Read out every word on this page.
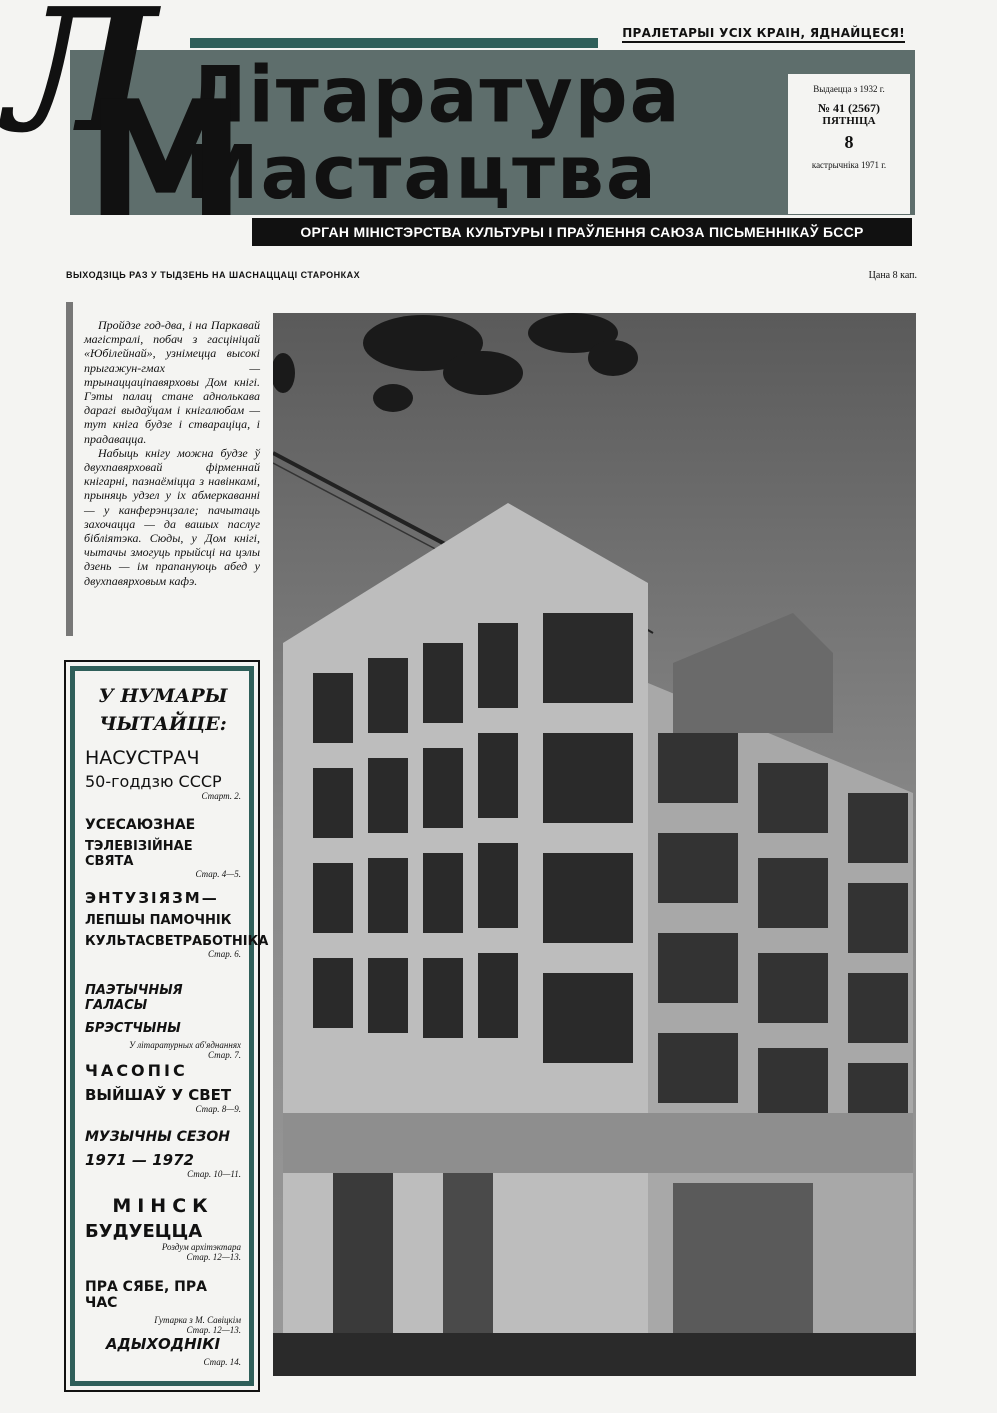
ПРАЛЕТАРЫІ УСІХ КРАІН, ЯДНАЙЦЕСЯ!
Літаратура
Мастацтва
Л
М	Выдаецца з 1932 г.
№ 41 (2567)
ПЯТНІЦА
8
кастрычніка 1971 г.
ОРГАН МІНІСТЭРСТВА КУЛЬТУРЫ І ПРАЎЛЕННЯ САЮЗА ПІСЬМЕННІКАЎ БССР
ВЫХОДЗІЦЬ РАЗ У ТЫДЗЕНЬ НА ШАСНАЦЦАЦІ СТАРОНКАХ	Цана 8 кап.

Пройдзе год-два, і на Паркавай магістралі, побач з гасцініцай «Юбілейнай», узнімецца высокі прыгажун-гмах — трынаццаціпавярховы Дом кнігі. Гэты палац стане аднолькава дарагі выдаўцам і кнігалюбам — тут кніга будзе і ствараціца, і прадавацца.

Набыць кнігу можна будзе ў двухпавярховай фірменнай кнігарні, пазнаёміцца з навінкамі, прыняць удзел у іх абмеркаванні — у канферэнцзале; пачытаць захочацца — да вашых паслуг бібліятэка. Сюды, у Дом кнігі, чытачы змогуць прыйсці на цэлы дзень — ім прапануюць абед у двухпавярховым кафэ.

У НУМАРЫ
ЧЫТАЙЦЕ:
НАСУСТРАЧ
50-годдзю СССР
Старт. 2.
УСЕСАЮЗНАЕ
ТЭЛЕВІЗІЙНАЕ СВЯТА
Стар. 4—5.
ЭНТУЗІЯЗМ—
ЛЕПШЫ ПАМОЧНІК
КУЛЬТАСВЕТРАБОТНІКА
Стар. 6.
ПАЭТЫЧНЫЯ ГАЛАСЫ
БРЭСТЧЫНЫ
У літаратурных аб'яднаннях
Стар. 7.
ЧАСОПІС
ВЫЙШАЎ У СВЕТ
Стар. 8—9.
МУЗЫЧНЫ СЕЗОН
1971 — 1972
Стар. 10—11.
МІНСК
БУДУЕЦЦА
Роздум архітэктара
Стар. 12—13.
ПРА СЯБЕ, ПРА ЧАС
Гутарка з М. Савіцкім
Стар. 12—13.
АДЫХОДНІКІ
Стар. 14.
